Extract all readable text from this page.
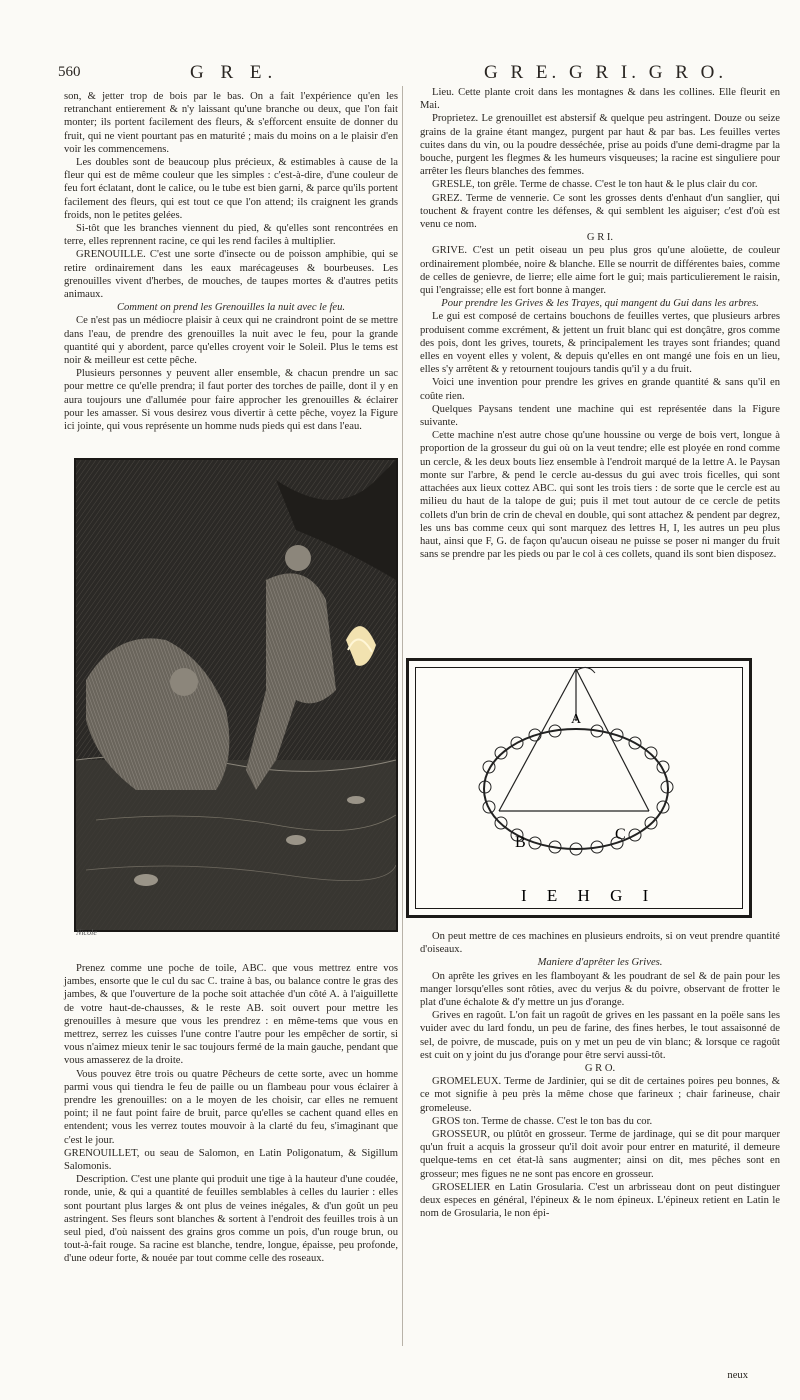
560	G R E.	G R E. G R I. G R O.

son, & jetter trop de bois par le bas. On a fait l'expérience qu'en les retranchant entierement & n'y laissant qu'une branche ou deux, que l'on fait monter; ils portent facilement des fleurs, & s'efforcent ensuite de donner du fruit, qui ne vient pourtant pas en maturité ; mais du moins on a le plaisir d'en voir les commencemens.

Les doubles sont de beaucoup plus précieux, & estimables à cause de la fleur qui est de même couleur que les simples : c'est-à-dire, d'une couleur de feu fort éclatant, dont le calice, ou le tube est bien garni, & parce qu'ils portent facilement des fleurs, qui est tout ce que l'on attend; ils craignent les grands froids, non le petites gelées.

Si-tôt que les branches viennent du pied, & qu'elles sont rencontrées en terre, elles reprennent racine, ce qui les rend faciles à multiplier.

GRENOUILLE. C'est une sorte d'insecte ou de poisson amphibie, qui se retire ordinairement dans les eaux marécageuses & bourbeuses. Les grenouilles vivent d'herbes, de mouches, de taupes mortes & d'autres petits animaux.

Comment on prend les Grenouilles la nuit avec le feu.

Ce n'est pas un médiocre plaisir à ceux qui ne craindront point de se mettre dans l'eau, de prendre des grenouilles la nuit avec le feu, pour la grande quantité qui y abordent, parce qu'elles croyent voir le Soleil. Plus le tems est noir & meilleur est cette pêche.

Plusieurs personnes y peuvent aller ensemble, & chacun prendre un sac pour mettre ce qu'elle prendra; il faut porter des torches de paille, dont il y en aura toujours une d'allumée pour faire approcher les grenouilles & éclairer pour les amasser. Si vous desirez vous divertir à cette pêche, voyez la Figure ici jointe, qui vous représente un homme nuds pieds qui est dans l'eau.

Nicole

Prenez comme une poche de toile, ABC. que vous mettrez entre vos jambes, ensorte que le cul du sac C. traine à bas, ou balance contre le gras des jambes, & que l'ouverture de la poche soit attachée d'un côté A. à l'aiguillette de votre haut-de-chausses, & le reste AB. soit ouvert pour mettre les grenouilles à mesure que vous les prendrez : en même-tems que vous en mettrez, serrez les cuisses l'une contre l'autre pour les empêcher de sortir, si vous n'aimez mieux tenir le sac toujours fermé de la main gauche, pendant que vous amasserez de la droite.

Vous pouvez être trois ou quatre Pêcheurs de cette sorte, avec un homme parmi vous qui tiendra le feu de paille ou un flambeau pour vous éclairer à prendre les grenouilles: on a le moyen de les choisir, car elles ne remuent point; il ne faut point faire de bruit, parce qu'elles se cachent quand elles en entendent; vous les verrez toutes mouvoir à la clarté du feu, s'imaginant que c'est le jour.

GRENOUILLET, ou seau de Salomon, en Latin Poligonatum, & Sigillum Salomonis.

Description. C'est une plante qui produit une tige à la hauteur d'une coudée, ronde, unie, & qui a quantité de feuilles semblables à celles du laurier : elles sont pourtant plus larges & ont plus de veines inégales, & d'un goût un peu astringent. Ses fleurs sont blanches & sortent à l'endroit des feuilles trois à un seul pied, d'où naissent des grains gros comme un pois, d'un rouge brun, ou tout-à-fait rouge. Sa racine est blanche, tendre, longue, épaisse, peu profonde, d'une odeur forte, & nouée par tout comme celle des roseaux.

Lieu. Cette plante croit dans les montagnes & dans les collines. Elle fleurit en Mai.

Proprietez. Le grenouillet est abstersif & quelque peu astringent. Douze ou seize grains de la graine étant mangez, purgent par haut & par bas. Les feuilles vertes cuites dans du vin, ou la poudre desséchée, prise au poids d'une demi-dragme par la bouche, purgent les flegmes & les humeurs visqueuses; la racine est singuliere pour arrêter les fleurs blanches des femmes.

GRESLE, ton grêle. Terme de chasse. C'est le ton haut & le plus clair du cor.

GREZ. Terme de vennerie. Ce sont les grosses dents d'enhaut d'un sanglier, qui touchent & frayent contre les défenses, & qui semblent les aiguiser; c'est d'où est venu ce nom.

G R I.

GRIVE. C'est un petit oiseau un peu plus gros qu'une aloüette, de couleur ordinairement plombée, noire & blanche. Elle se nourrit de différentes baies, comme de celles de genievre, de lierre; elle aime fort le gui; mais particulierement le raisin, qui l'engraisse; elle est fort bonne à manger.

Pour prendre les Grives & les Trayes, qui mangent du Gui dans les arbres.

Le gui est composé de certains bouchons de feuilles vertes, que plusieurs arbres produisent comme excrément, & jettent un fruit blanc qui est donçâtre, gros comme des pois, dont les grives, tourets, & principalement les trayes sont friandes; quand elles en voyent elles y volent, & depuis qu'elles en ont mangé une fois en un lieu, elles s'y arrêtent & y retournent toujours tandis qu'il y a du fruit.

Voici une invention pour prendre les grives en grande quantité & sans qu'il en coûte rien.

Quelques Paysans tendent une machine qui est représentée dans la Figure suivante.

Cette machine n'est autre chose qu'une houssine ou verge de bois vert, longue à proportion de la grosseur du gui où on la veut tendre; elle est ployée en rond comme un cercle, & les deux bouts liez ensemble à l'endroit marqué de la lettre A. le Paysan monte sur l'arbre, & pend le cercle au-dessus du gui avec trois ficelles, qui sont attachées aux lieux cottez ABC. qui sont les trois tiers : de sorte que le cercle est au milieu du haut de la talope de gui; puis il met tout autour de ce cercle de petits collets d'un brin de crin de cheval en double, qui sont attachez & pendent par degrez, les uns bas comme ceux qui sont marquez des lettres H, I, les autres un peu plus haut, ainsi que F, G. de façon qu'aucun oiseau ne puisse se poser ni manger du fruit sans se prendre par les pieds ou par le col à ces collets, quand ils sont bien disposez.

A
B	C
I E H G I

On peut mettre de ces machines en plusieurs endroits, si on veut prendre quantité d'oiseaux.

Maniere d'aprêter les Grives.

On aprête les grives en les flamboyant & les poudrant de sel & de pain pour les manger lorsqu'elles sont rôties, avec du verjus & du poivre, observant de frotter le plat d'une échalote & d'y mettre un jus d'orange.

Grives en ragoût. L'on fait un ragoût de grives en les passant en la poële sans les vuider avec du lard fondu, un peu de farine, des fines herbes, le tout assaisonné de sel, de poivre, de muscade, puis on y met un peu de vin blanc; & lorsque ce ragoût est cuit on y joint du jus d'orange pour être servi aussi-tôt.

G R O.

GROMELEUX. Terme de Jardinier, qui se dit de certaines poires peu bonnes, & ce mot signifie à peu près la même chose que farineux ; chair farineuse, chair gromeleuse.

GROS ton. Terme de chasse. C'est le ton bas du cor.

GROSSEUR, ou plûtôt en grosseur. Terme de jardinage, qui se dit pour marquer qu'un fruit a acquis la grosseur qu'il doit avoir pour entrer en maturité, il demeure quelque-tems en cet état-là sans augmenter; ainsi on dit, mes pêches sont en grosseur; mes figues ne ne sont pas encore en grosseur.

GROSELIER en Latin Grosularia. C'est un arbrisseau dont on peut distinguer deux especes en général, l'épineux & le nom épineux. L'épineux retient en Latin le nom de Grosularia, le non épi-

neux
